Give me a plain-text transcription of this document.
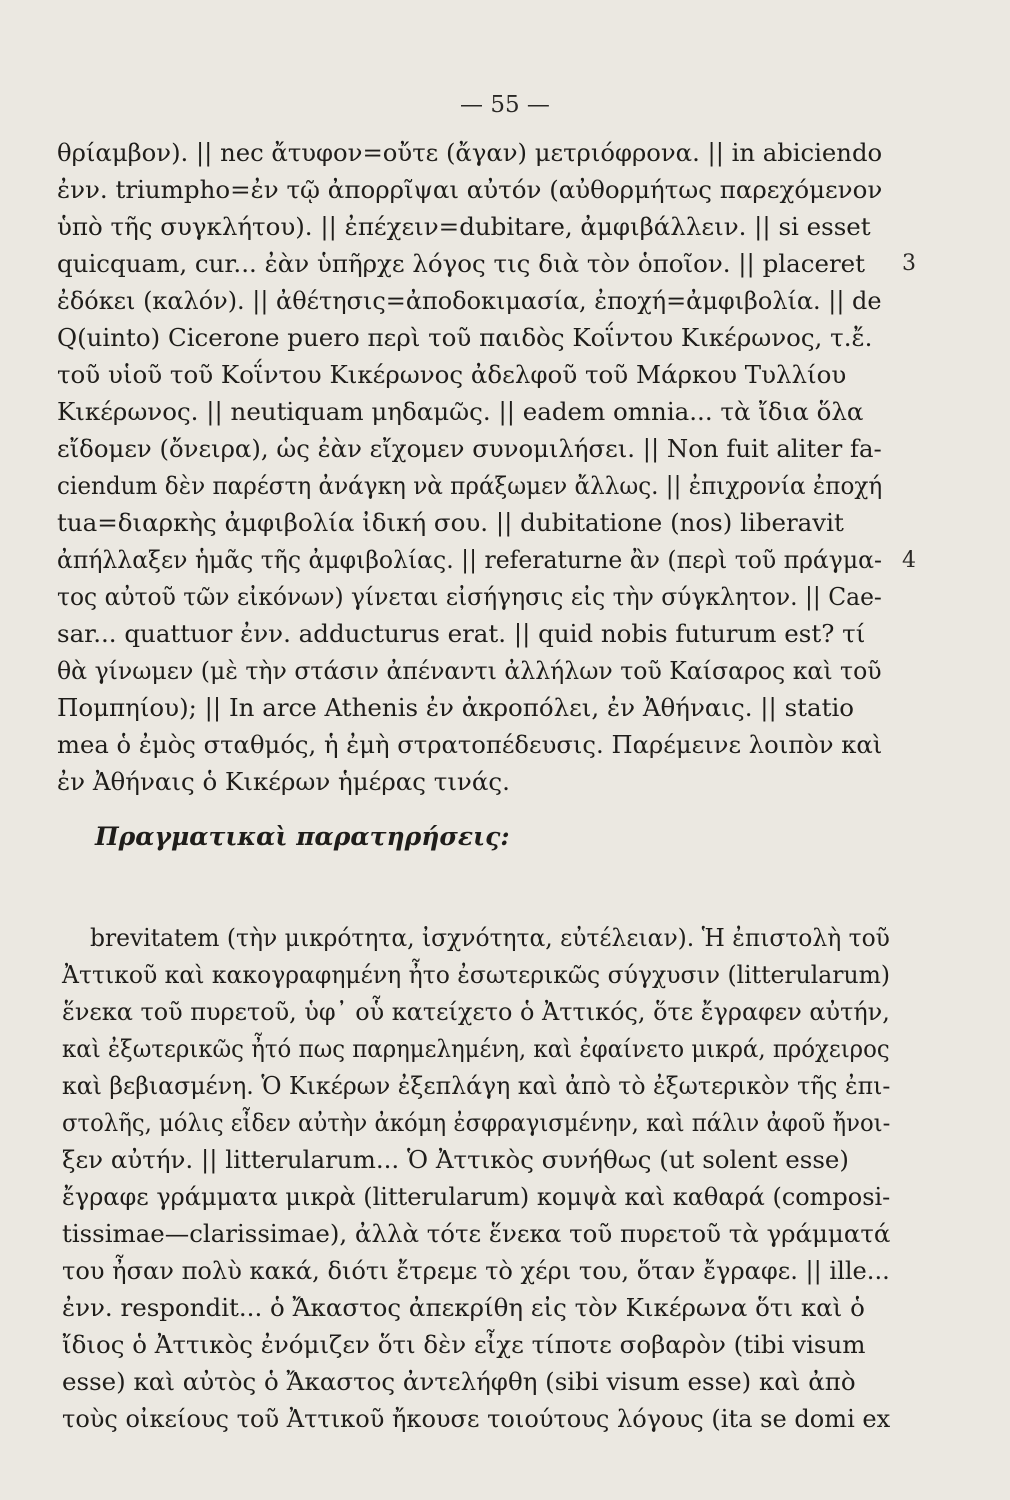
— 55 —
θρίαμβον). || nec ἄτυφον=οὔτε (ἄγαν) μετριόφρονα. || in abiciendo
ἐνν. triumpho=ἐν τῷ ἀπορρῖψαι αὐτόν (αὐθορμήτως παρεχόμενον
ὑπὸ τῆς συγκλήτου). || ἐπέχειν=dubitare, ἀμφιβάλλειν. || si esset
quicquam, cur... ἐὰν ὑπῆρχε λόγος τις διὰ τὸν ὁποῖον. || placeret
ἐδόκει (καλόν). || ἀθέτησις=ἀποδοκιμασία, ἐποχή=ἀμφιβολία. || de
Q(uinto) Cicerone puero περὶ τοῦ παιδὸς Κοΐντου Κικέρωνος, τ.ἔ.
τοῦ υἱοῦ τοῦ Κοΐντου Κικέρωνος ἀδελφοῦ τοῦ Μάρκου Τυλλίου
Κικέρωνος. || neutiquam μηδαμῶς. || eadem omnia... τὰ ἴδια ὅλα
εἴδομεν (ὄνειρα), ὡς ἐὰν εἴχομεν συνομιλήσει. || Non fuit aliter fa-
ciendum δὲν παρέστη ἀνάγκη νὰ πράξωμεν ἄλλως. || ἐπιχρονία ἐποχή
tua=διαρκὴς ἀμφιβολία ἰδική σου. || dubitatione (nos) liberavit
ἀπήλλαξεν ἡμᾶς τῆς ἀμφιβολίας. || referaturne ἂν (περὶ τοῦ πράγμα-
τος αὐτοῦ τῶν εἰκόνων) γίνεται εἰσήγησις εἰς τὴν σύγκλητον. || Cae-
sar... quattuor ἐνν. adducturus erat. || quid nobis futurum est? τί
θὰ γίνωμεν (μὲ τὴν στάσιν ἀπέναντι ἀλλήλων τοῦ Καίσαρος καὶ τοῦ
Πομπηίου); || In arce Athenis ἐν ἀκροπόλει, ἐν Ἀθήναις. || statio
mea ὁ ἐμὸς σταθμός, ἡ ἐμὴ στρατοπέδευσις. Παρέμεινε λοιπὸν καὶ
ἐν Ἀθήναις ὁ Κικέρων ἡμέρας τινάς.
3
4
Πραγματικαὶ παρατηρήσεις:
brevitatem (τὴν μικρότητα, ἰσχνότητα, εὐτέλειαν). Ἡ ἐπιστολὴ τοῦ
Ἀττικοῦ καὶ κακογραφημένη ἦτο ἐσωτερικῶς σύγχυσιν (litterularum)
ἕνεκα τοῦ πυρετοῦ, ὑφ᾽ οὗ κατείχετο ὁ Ἀττικός, ὅτε ἔγραφεν αὐτήν,
καὶ ἐξωτερικῶς ἦτό πως παρημελημένη, καὶ ἐφαίνετο μικρά, πρόχειρος
καὶ βεβιασμένη. Ὁ Κικέρων ἐξεπλάγη καὶ ἀπὸ τὸ ἐξωτερικὸν τῆς ἐπι-
στολῆς, μόλις εἶδεν αὐτὴν ἀκόμη ἐσφραγισμένην, καὶ πάλιν ἀφοῦ ἤνοι-
ξεν αὐτήν. || litterularum... Ὁ Ἀττικὸς συνήθως (ut solent esse)
ἔγραφε γράμματα μικρὰ (litterularum) κομψὰ καὶ καθαρά (composi-
tissimae—clarissimae), ἀλλὰ τότε ἕνεκα τοῦ πυρετοῦ τὰ γράμματά
του ἦσαν πολὺ κακά, διότι ἔτρεμε τὸ χέρι του, ὅταν ἔγραφε. || ille...
ἐνν. respondit... ὁ Ἄκαστος ἀπεκρίθη εἰς τὸν Κικέρωνα ὅτι καὶ ὁ
ἴδιος ὁ Ἀττικὸς ἐνόμιζεν ὅτι δὲν εἶχε τίποτε σοβαρὸν (tibi visum
esse) καὶ αὐτὸς ὁ Ἄκαστος ἀντελήφθη (sibi visum esse) καὶ ἀπὸ
τοὺς οἰκείους τοῦ Ἀττικοῦ ἤκουσε τοιούτους λόγους (ita se domi ex
